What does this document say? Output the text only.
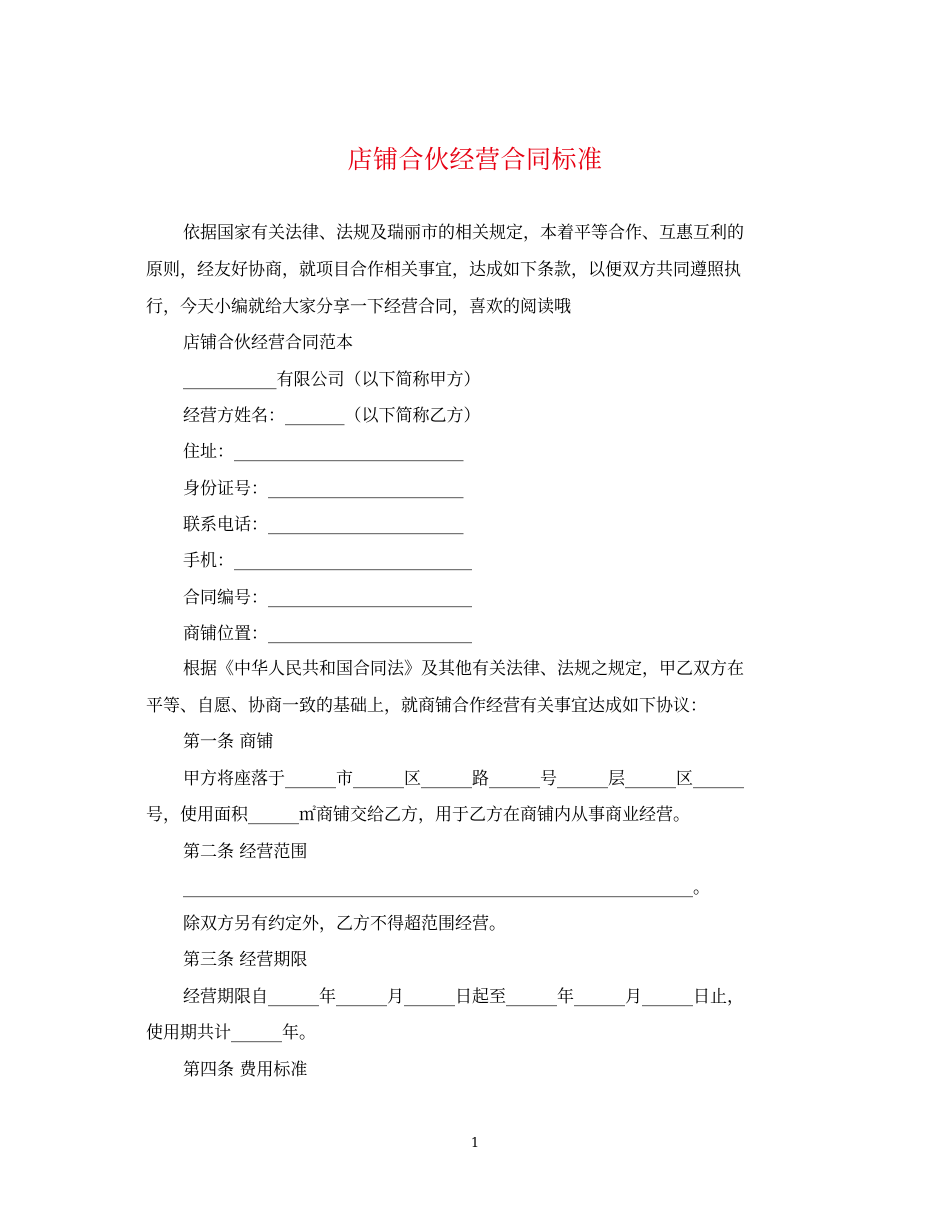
店铺合伙经营合同标准
依据国家有关法律、法规及瑞丽市的相关规定，本着平等合作、互惠互利的
原则，经友好协商，就项目合作相关事宜，达成如下条款，以便双方共同遵照执
行，今天小编就给大家分享一下经营合同，喜欢的阅读哦
店铺合伙经营合同范本
___________有限公司（以下简称甲方）
经营方姓名：_______（以下简称乙方）
住址：___________________________
身份证号：_______________________
联系电话：_______________________
手机：____________________________
合同编号：________________________
商铺位置：________________________
根据《中华人民共和国合同法》及其他有关法律、法规之规定，甲乙双方在
平等、自愿、协商一致的基础上，就商铺合作经营有关事宜达成如下协议：
第一条 商铺
甲方将座落于______市______区______路______号______层______区______
号，使用面积______㎡商铺交给乙方，用于乙方在商铺内从事商业经营。
第二条 经营范围
____________________________________________________________。
除双方另有约定外，乙方不得超范围经营。
第三条 经营期限
经营期限自______年______月______日起至______年______月______日止，
使用期共计______年。
第四条 费用标准
1
